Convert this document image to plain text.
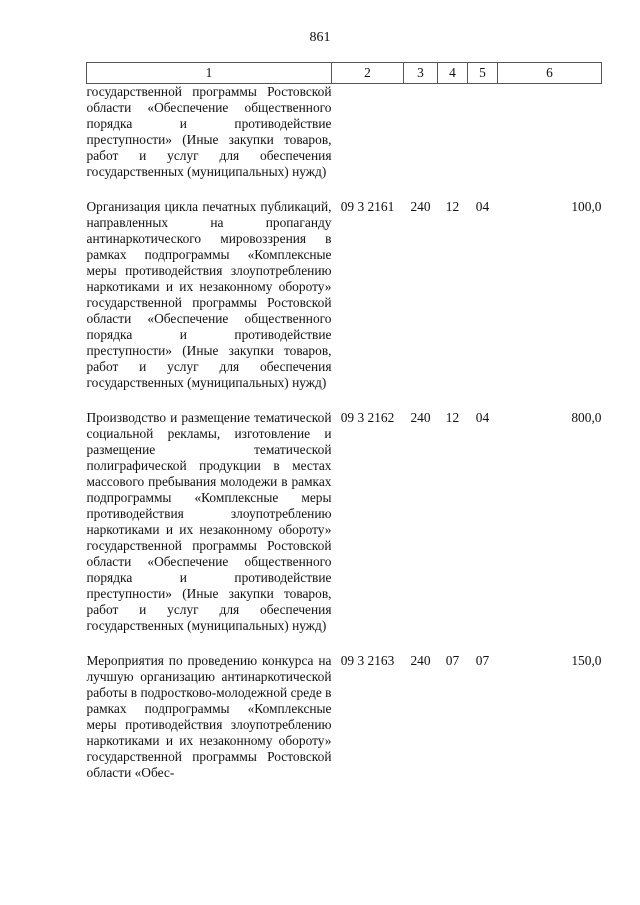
861
1	2	3	4	5	6
государственной программы Ростовской области «Обеспечение общественного порядка и противодействие преступности» (Иные закупки товаров, работ и услуг для обеспечения государственных (муниципальных) нужд)					

Организация цикла печатных публикаций, направленных на пропаганду антинаркотического мировоззрения в рамках подпрограммы «Комплексные меры противодействия злоупотреблению наркотиками и их незаконному обороту» государственной программы Ростовской области «Обеспечение общественного порядка и противодействие преступности» (Иные закупки товаров, работ и услуг для обеспечения государственных (муниципальных) нужд)	09 3 2161	240	12	04	100,0

Производство и размещение тематической социальной рекламы, изготовление и размещение тематической полиграфической продукции в местах массового пребывания молодежи в рамках подпрограммы «Комплексные меры противодействия злоупотреблению наркотиками и их незаконному обороту» государственной программы Ростовской области «Обеспечение общественного порядка и противодействие преступности» (Иные закупки товаров, работ и услуг для обеспечения государственных (муниципальных) нужд)	09 3 2162	240	12	04	800,0

Мероприятия по проведению конкурса на лучшую организацию антинаркотической работы в подростково-молодежной среде в рамках подпрограммы «Комплексные меры противодействия злоупотреблению наркотиками и их незаконному обороту» государственной программы Ростовской области «Обес-	09 3 2163	240	07	07	150,0
